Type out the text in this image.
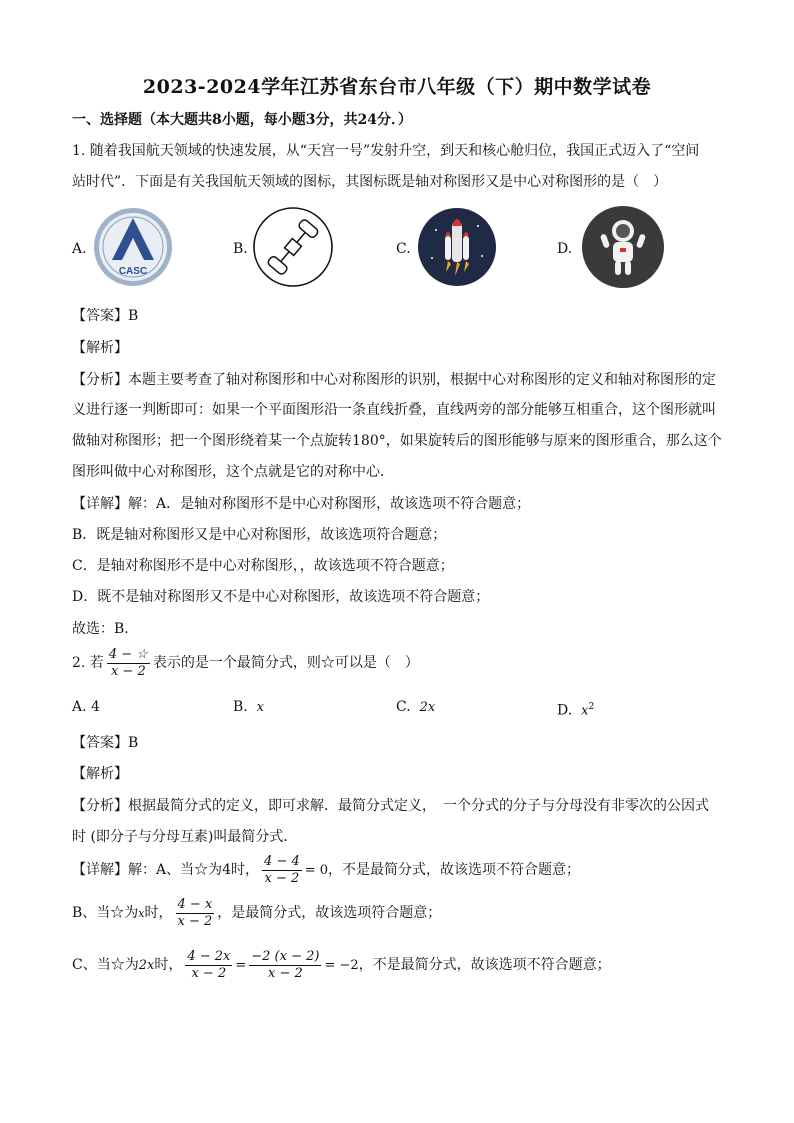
2023-2024学年江苏省东台市八年级（下）期中数学试卷
一、选择题（本大题共8小题，每小题3分，共24分．）
1. 随着我国航天领域的快速发展，从“天宫一号”发射升空，到天和核心舱归位，我国正式迈入了“空间
站时代”．下面是有关我国航天领域的图标，其图标既是轴对称图形又是中心对称图形的是（　）
A.
CASC
B.	C.	D.
【答案】B
【解析】
【分析】本题主要考查了轴对称图形和中心对称图形的识别，根据中心对称图形的定义和轴对称图形的定
义进行逐一判断即可：如果一个平面图形沿一条直线折叠，直线两旁的部分能够互相重合，这个图形就叫
做轴对称图形；把一个图形绕着某一个点旋转180°，如果旋转后的图形能够与原来的图形重合，那么这个
图形叫做中心对称图形，这个点就是它的对称中心．
【详解】解：A．是轴对称图形不是中心对称图形，故该选项不符合题意；
B．既是轴对称图形又是中心对称图形，故该选项符合题意；
C．是轴对称图形不是中心对称图形，，故该选项不符合题意；
D．既不是轴对称图形又不是中心对称图形，故该选项不符合题意；
故选：B．
2. 若 $\frac{4 - ☆}{x - 2}$ 表示的是一个最简分式，则☆可以是（　）
A. 4	B. x	C. 2x	D. $x^2$
【答案】B
【解析】
【分析】根据最简分式的定义，即可求解．最简分式定义，　一个分式的分子与分母没有非零次的公因式
时 (即分子与分母互素)叫最简分式．
【详解】解：A、当☆为4时， $\frac{4 - 4}{x - 2} = 0$，不是最简分式，故该选项不符合题意；
B、当☆为x时， $\frac{4 - x}{x - 2}$ ，是最简分式，故该选项符合题意；
C、当☆为2x时， $\frac{4 - 2x}{x - 2} = \frac{-2 (x - 2)}{x - 2} = -2$，不是最简分式，故该选项不符合题意；
